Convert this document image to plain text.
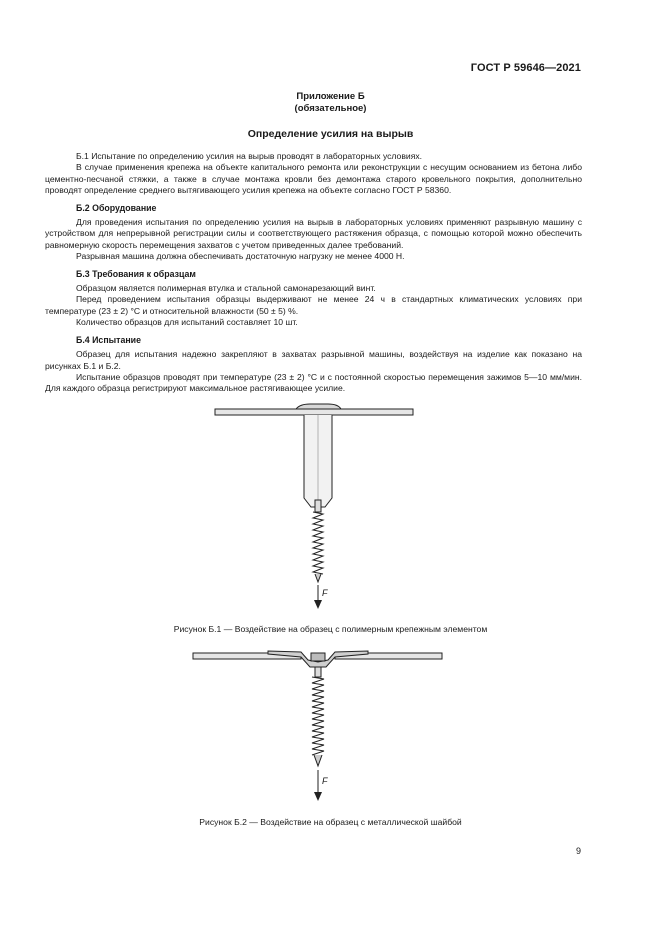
ГОСТ Р 59646—2021
Приложение Б
(обязательное)
Определение усилия на вырыв

Б.1 Испытание по определению усилия на вырыв проводят в лабораторных условиях.

В случае применения крепежа на объекте капитального ремонта или реконструкции с несущим основанием из бетона либо цементно-песчаной стяжки, а также в случае монтажа кровли без демонтажа старого кровельного покрытия, дополнительно проводят определение среднего вытягивающего усилия крепежа на объекте согласно ГОСТ Р 58360.

Б.2 Оборудование

Для проведения испытания по определению усилия на вырыв в лабораторных условиях применяют разрывную машину с устройством для непрерывной регистрации силы и соответствующего растяжения образца, с помощью которой можно обеспечить равномерную скорость перемещения захватов с учетом приведенных далее требований.

Разрывная машина должна обеспечивать достаточную нагрузку не менее 4000 Н.

Б.3 Требования к образцам

Образцом является полимерная втулка и стальной самонарезающий винт.

Перед проведением испытания образцы выдерживают не менее 24 ч в стандартных климатических условиях при температуре (23 ± 2) °С и относительной влажности (50 ± 5) %.

Количество образцов для испытаний составляет 10 шт.

Б.4 Испытание

Образец для испытания надежно закрепляют в захватах разрывной машины, воздействуя на изделие как показано на рисунках Б.1 и Б.2.

Испытание образцов проводят при температуре (23 ± 2) °С и с постоянной скоростью перемещения зажимов 5—10 мм/мин. Для каждого образца регистрируют максимальное растягивающее усилие.

F
Рисунок Б.1 — Воздействие на образец с полимерным крепежным элементом
F
Рисунок Б.2 — Воздействие на образец с металлической шайбой
9
